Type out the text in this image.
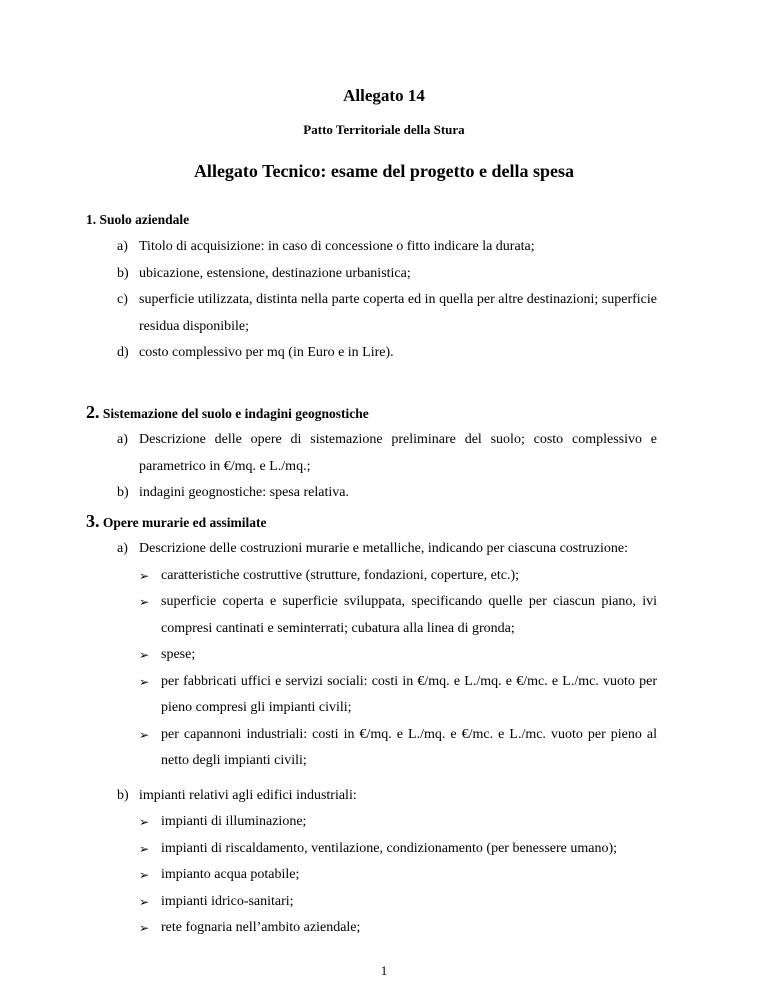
Allegato 14
Patto Territoriale della Stura
Allegato Tecnico: esame del progetto e della spesa
1. Suolo aziendale
a) Titolo di acquisizione: in caso di concessione o fitto indicare la durata;
b) ubicazione, estensione, destinazione urbanistica;
c) superficie utilizzata, distinta nella parte coperta ed in quella per altre destinazioni; superficie residua disponibile;
d) costo complessivo per mq (in Euro e in Lire).
2. Sistemazione del suolo e indagini geognostiche
a) Descrizione delle opere di sistemazione preliminare del suolo; costo complessivo e parametrico in €/mq. e L./mq.;
b) indagini geognostiche: spesa relativa.
3. Opere murarie ed assimilate
a) Descrizione delle costruzioni murarie e metalliche, indicando per ciascuna costruzione:
➢ caratteristiche costruttive (strutture, fondazioni, coperture, etc.);
➢ superficie coperta e superficie sviluppata, specificando quelle per ciascun piano, ivi compresi cantinati e seminterrati; cubatura alla linea di gronda;
➢ spese;
➢ per fabbricati uffici e servizi sociali: costi in €/mq. e L./mq. e €/mc. e L./mc. vuoto per pieno compresi gli impianti civili;
➢ per capannoni industriali: costi in €/mq. e L./mq. e €/mc. e L./mc. vuoto per pieno al netto degli impianti civili;
b) impianti relativi agli edifici industriali:
➢ impianti di illuminazione;
➢ impianti di riscaldamento, ventilazione, condizionamento (per benessere umano);
➢ impianto acqua potabile;
➢ impianti idrico-sanitari;
➢ rete fognaria nell’ambito aziendale;
1
